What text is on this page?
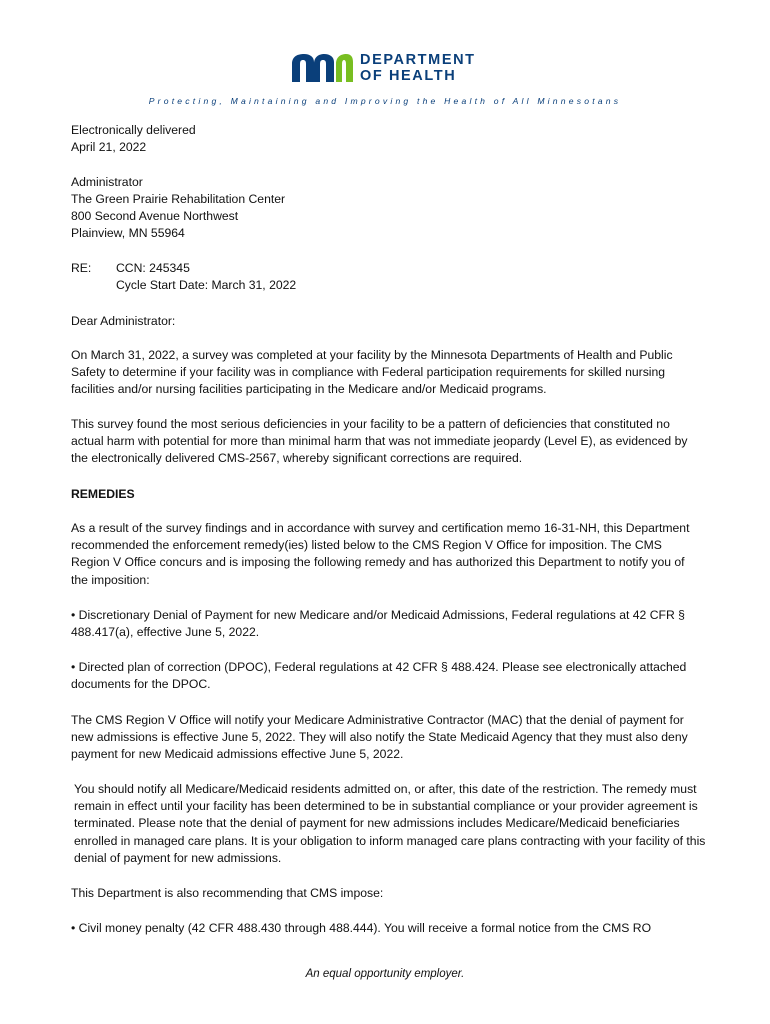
DEPARTMENT
OF HEALTH
Protecting, Maintaining and Improving the Health of All Minnesotans
Electronically delivered
April 21, 2022
Administrator
The Green Prairie Rehabilitation Center
800 Second Avenue Northwest
Plainview, MN 55964
RE:	CCN: 245345
Cycle Start Date: March 31, 2022
Dear Administrator:
On March 31, 2022, a survey was completed at your facility by the Minnesota Departments of Health and Public Safety to determine if your facility was in compliance with Federal participation requirements for skilled nursing facilities and/or nursing facilities participating in the Medicare and/or Medicaid programs.
This survey found the most serious deficiencies in your facility to be a pattern of deficiencies that constituted no actual harm with potential for more than minimal harm that was not immediate jeopardy (Level E), as evidenced by the electronically delivered CMS-2567, whereby significant corrections are required.
REMEDIES
As a result of the survey findings and in accordance with survey and certification memo 16-31-NH, this Department recommended the enforcement remedy(ies) listed below to the CMS Region V Office for imposition. The CMS Region V Office concurs and is imposing the following remedy and has authorized this Department to notify you of the imposition:
• Discretionary Denial of Payment for new Medicare and/or Medicaid Admissions, Federal regulations at 42 CFR § 488.417(a), effective June 5, 2022.
• Directed plan of correction (DPOC), Federal regulations at 42 CFR § 488.424. Please see electronically attached documents for the DPOC.
The CMS Region V Office will notify your Medicare Administrative Contractor (MAC) that the denial of payment for new admissions is effective June 5, 2022. They will also notify the State Medicaid Agency that they must also deny payment for new Medicaid admissions effective June 5, 2022.
You should notify all Medicare/Medicaid residents admitted on, or after, this date of the restriction. The remedy must remain in effect until your facility has been determined to be in substantial compliance or your provider agreement is terminated. Please note that the denial of payment for new admissions includes Medicare/Medicaid beneficiaries enrolled in managed care plans. It is your obligation to inform managed care plans contracting with your facility of this denial of payment for new admissions.
This Department is also recommending that CMS impose:
• Civil money penalty (42 CFR 488.430 through 488.444). You will receive a formal notice from the CMS RO
An equal opportunity employer.
